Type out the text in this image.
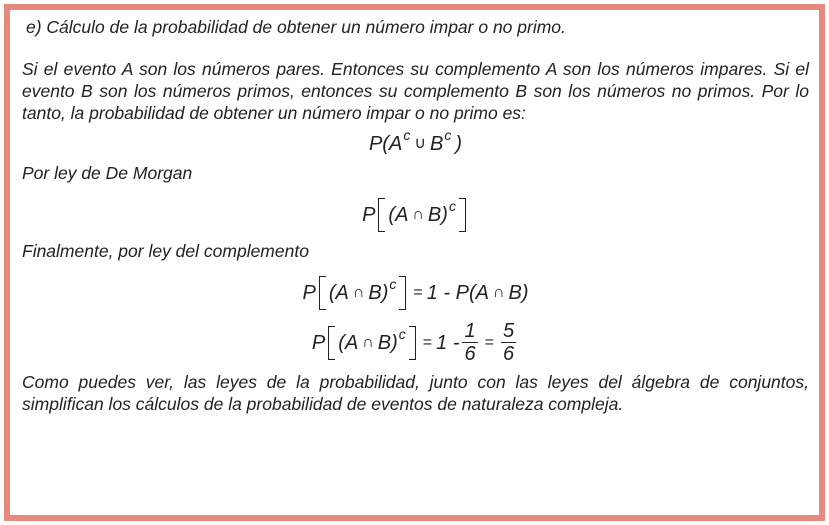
e) Cálculo de la probabilidad de obtener un número impar o no primo.

Si el evento A son los números pares. Entonces su complemento A son los números impares. Si el evento B son los números primos, entonces su complemento B son los números no primos. Por lo tanto, la probabilidad de obtener un número impar o no primo es:

P ( A c ∪ B c )

Por ley de De Morgan

P ( A ∩ B ) c

Finalmente, por ley del complemento

P ( A ∩ B ) c = 1 -
P ( A ∩ B )
P ( A ∩ B ) $c = 1 - \frac{1}{6} = \frac{5}{6}$

Como puedes ver, las leyes de la probabilidad, junto con las leyes del álgebra de conjuntos, simplifican los cálculos de la probabilidad de eventos de naturaleza compleja.
